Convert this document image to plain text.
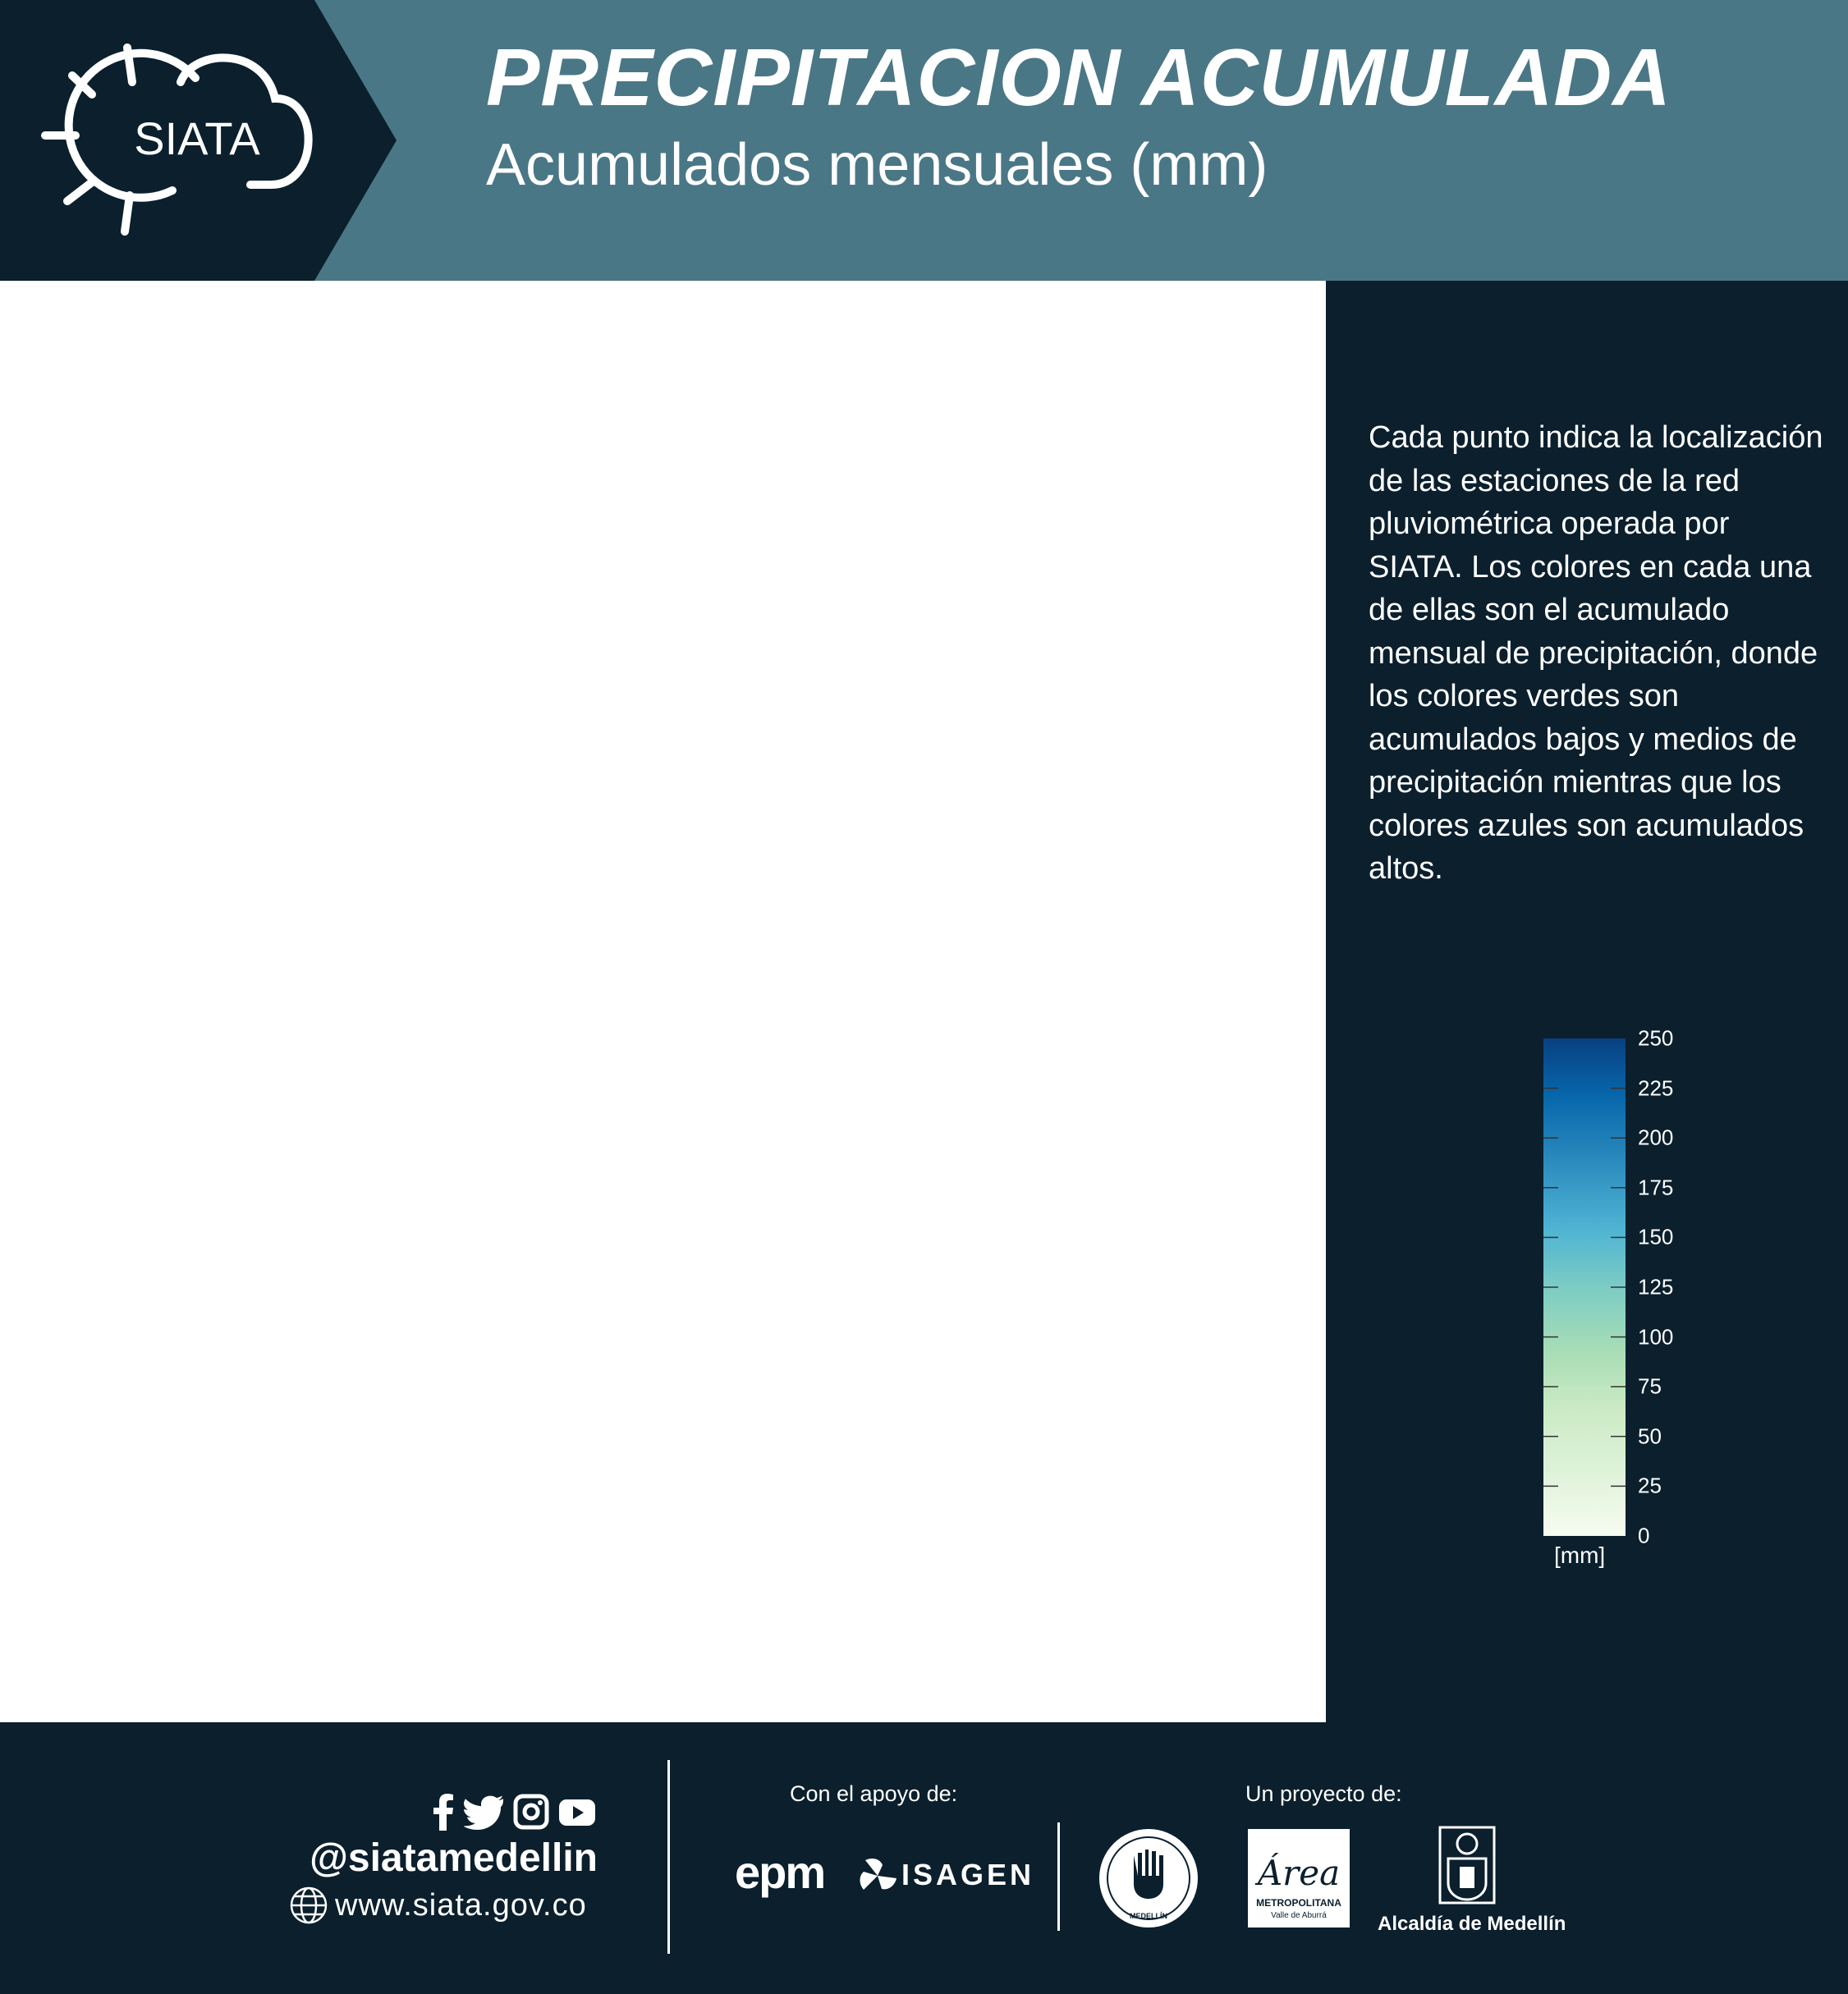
SIATA
PRECIPITACION ACUMULADA
Acumulados mensuales (mm)
Cada punto indica la localización de las estaciones de la red pluviométrica operada por SIATA. Los colores en cada una de ellas son el acumulado mensual de precipitación, donde los colores verdes son acumulados bajos y medios de precipitación mientras que los colores azules son acumulados altos.
0
25
50
75
100
125
150
175
200
225
250
[mm]
@siatamedellin
www.siata.gov.co
Con el apoyo de:	Un proyecto de:
epm	ISAGEN
MEDELLÍN
Área
METROPOLITANA
Valle de Aburrá	Alcaldía de Medellín
